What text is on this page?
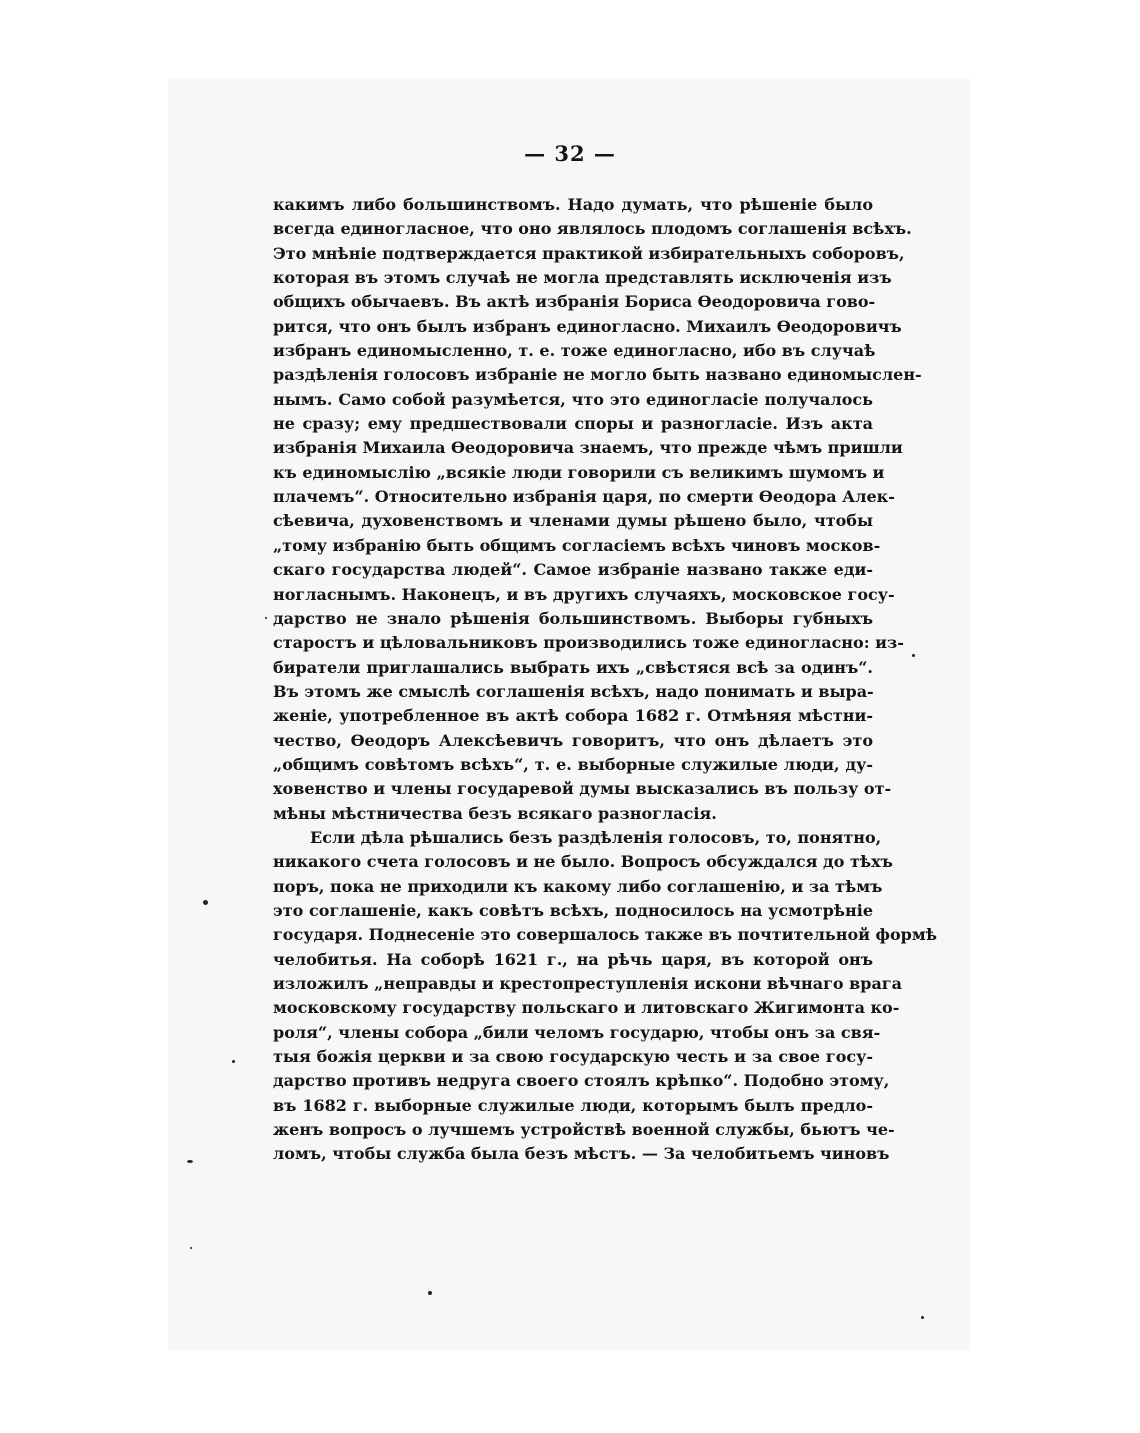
— 32 —
какимъ либо большинствомъ. Надо думать, что рѣшеніе было
всегда единогласное, что оно являлось плодомъ соглашенія всѣхъ.
Это мнѣніе подтверждается практикой избирательныхъ соборовъ,
которая въ этомъ случаѣ не могла представлять исключенія изъ
общихъ обычаевъ. Въ актѣ избранія Бориса Ѳеодоровича гово-
рится, что онъ былъ избранъ единогласно. Михаилъ Ѳеодоровичъ
избранъ единомысленно, т. е. тоже единогласно, ибо въ случаѣ
раздѣленія голосовъ избраніе не могло быть названо единомыслен-
нымъ. Само собой разумѣется, что это единогласіе получалось
не сразу; ему предшествовали споры и разногласіе. Изъ акта
избранія Михаила Ѳеодоровича знаемъ, что прежде чѣмъ пришли
къ единомыслію „всякіе люди говорили съ великимъ шумомъ и
плачемъ“. Относительно избранія царя, по смерти Ѳеодора Алек-
сѣевича, духовенствомъ и членами думы рѣшено было, чтобы
„тому избранію быть общимъ согласіемъ всѣхъ чиновъ москов-
скаго государства людей“. Самое избраніе названо также еди-
ногласнымъ. Наконецъ, и въ другихъ случаяхъ, московское госу-
дарство не знало рѣшенія большинствомъ. Выборы губныхъ
старостъ и цѣловальниковъ производились тоже единогласно: из-
биратели приглашались выбрать ихъ „свѣстяся всѣ за одинъ“.
Въ этомъ же смыслѣ соглашенія всѣхъ, надо понимать и выра-
женіе, употребленное въ актѣ собора 1682 г. Отмѣняя мѣстни-
чество, Ѳеодоръ Алексѣевичъ говоритъ, что онъ дѣлаетъ это
„общимъ совѣтомъ всѣхъ“, т. е. выборные служилые люди, ду-
ховенство и члены государевой думы высказались въ пользу от-
мѣны мѣстничества безъ всякаго разногласія.
Если дѣла рѣшались безъ раздѣленія голосовъ, то, понятно,
никакого счета голосовъ и не было. Вопросъ обсуждался до тѣхъ
поръ, пока не приходили къ какому либо соглашенію, и за тѣмъ
это соглашеніе, какъ совѣтъ всѣхъ, подносилось на усмотрѣніе
государя. Поднесеніе это совершалось также въ почтительной формѣ
челобитья. На соборѣ 1621 г., на рѣчь царя, въ которой онъ
изложилъ „неправды и крестопреступленія искони вѣчнаго врага
московскому государству польскаго и литовскаго Жигимонта ко-
роля“, члены собора „били челомъ государю, чтобы онъ за свя-
тыя божія церкви и за свою государскую честь и за свое госу-
дарство противъ недруга своего стоялъ крѣпко“. Подобно этому,
въ 1682 г. выборные служилые люди, которымъ былъ предло-
женъ вопросъ о лучшемъ устройствѣ военной службы, бьютъ че-
ломъ, чтобы служба была безъ мѣстъ. — За челобитьемъ чиновъ
